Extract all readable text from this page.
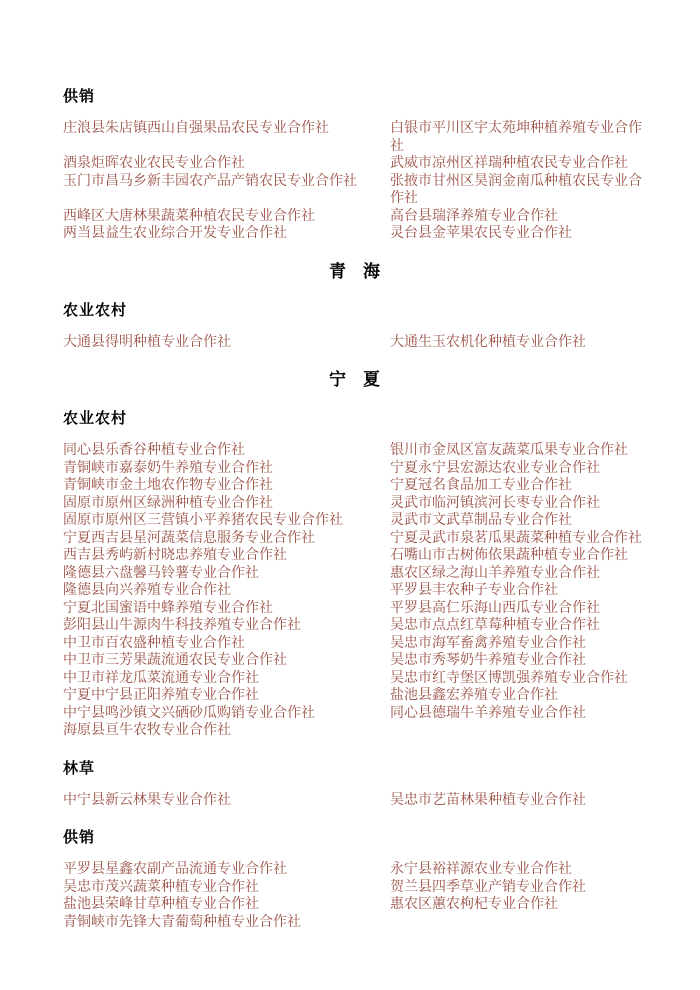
供销
庄浪县朱店镇西山自强果品农民专业合作社	白银市平川区宇太苑坤种植养殖专业合作社
酒泉炬晖农业农民专业合作社	武威市凉州区祥瑞种植农民专业合作社
玉门市昌马乡新丰园农产品产销农民专业合作社	张掖市甘州区昊润金南瓜种植农民专业合作社
西峰区大唐林果蔬菜种植农民专业合作社	高台县瑞泽养殖专业合作社
两当县益生农业综合开发专业合作社	灵台县金苹果农民专业合作社
青　海
农业农村
大通县得明种植专业合作社	大通生玉农机化种植专业合作社
宁　夏
农业农村
同心县乐香谷种植专业合作社	银川市金凤区富友蔬菜瓜果专业合作社
青铜峡市嘉泰奶牛养殖专业合作社	宁夏永宁县宏源达农业专业合作社
青铜峡市金土地农作物专业合作社	宁夏冠名食品加工专业合作社
固原市原州区绿洲种植专业合作社	灵武市临河镇滨河长枣专业合作社
固原市原州区三营镇小平养猪农民专业合作社	灵武市文武草制品专业合作社
宁夏西吉县星河蔬菜信息服务专业合作社	宁夏灵武市泉茗瓜果蔬菜种植专业合作社
西吉县秀屿新村晓忠养殖专业合作社	石嘴山市古树佈依果蔬种植专业合作社
隆德县六盘馨马铃薯专业合作社	惠农区绿之海山羊养殖专业合作社
隆德县向兴养殖专业合作社	平罗县丰农种子专业合作社
宁夏北国蜜语中蜂养殖专业合作社	平罗县高仁乐海山西瓜专业合作社
彭阳县山牛源肉牛科技养殖专业合作社	吴忠市点点红草莓种植专业合作社
中卫市百农盛种植专业合作社	吴忠市海军畜禽养殖专业合作社
中卫市三芳果蔬流通农民专业合作社	吴忠市秀琴奶牛养殖专业合作社
中卫市祥龙瓜菜流通专业合作社	吴忠市红寺堡区博凯强养殖专业合作社
宁夏中宁县正阳养殖专业合作社	盐池县鑫宏养殖专业合作社
中宁县鸣沙镇文兴硒砂瓜购销专业合作社	同心县德瑞牛羊养殖专业合作社
海原县亘牛农牧专业合作社
林草
中宁县新云林果专业合作社	吴忠市艺苗林果种植专业合作社
供销
平罗县星鑫农副产品流通专业合作社	永宁县裕祥源农业专业合作社
吴忠市茂兴蔬菜种植专业合作社	贺兰县四季草业产销专业合作社
盐池县荣峰甘草种植专业合作社	惠农区蕙农枸杞专业合作社
青铜峡市先锋大青葡萄种植专业合作社
